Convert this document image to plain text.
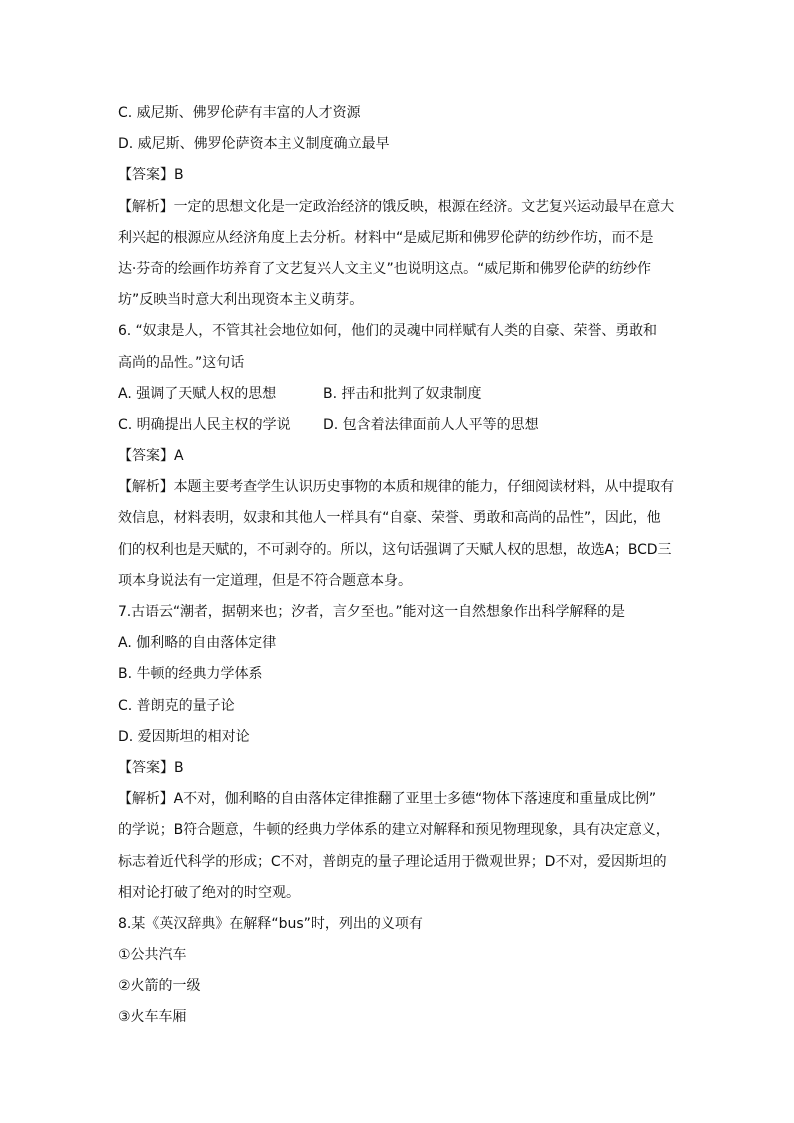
C. 威尼斯、佛罗伦萨有丰富的人才资源
D. 威尼斯、佛罗伦萨资本主义制度确立最早
【答案】B
【解析】一定的思想文化是一定政治经济的饿反映，根源在经济。文艺复兴运动最早在意大
利兴起的根源应从经济角度上去分析。材料中“是威尼斯和佛罗伦萨的纺纱作坊，而不是
达·芬奇的绘画作坊养育了文艺复兴人文主义”也说明这点。“威尼斯和佛罗伦萨的纺纱作
坊”反映当时意大利出现资本主义萌芽。
6. “奴隶是人，不管其社会地位如何，他们的灵魂中同样赋有人类的自豪、荣誉、勇敢和
高尚的品性。”这句话
A. 强调了天赋人权的思想	B. 抨击和批判了奴隶制度
C. 明确提出人民主权的学说	D. 包含着法律面前人人平等的思想
【答案】A
【解析】本题主要考查学生认识历史事物的本质和规律的能力，仔细阅读材料，从中提取有
效信息，材料表明，奴隶和其他人一样具有“自豪、荣誉、勇敢和高尚的品性”，因此，他
们的权利也是天赋的，不可剥夺的。所以，这句话强调了天赋人权的思想，故选A；BCD三
项本身说法有一定道理，但是不符合题意本身。
7.古语云“潮者，据朝来也；汐者，言夕至也。”能对这一自然想象作出科学解释的是
A. 伽利略的自由落体定律
B. 牛顿的经典力学体系
C. 普朗克的量子论
D. 爱因斯坦的相对论
【答案】B
【解析】A不对，伽利略的自由落体定律推翻了亚里士多德“物体下落速度和重量成比例”
的学说；B符合题意，牛顿的经典力学体系的建立对解释和预见物理现象，具有决定意义，
标志着近代科学的形成；C不对，普朗克的量子理论适用于微观世界；D不对，爱因斯坦的
相对论打破了绝对的时空观。
8.某《英汉辞典》在解释“bus”时，列出的义项有
①公共汽车
②火箭的一级
③火车车厢
